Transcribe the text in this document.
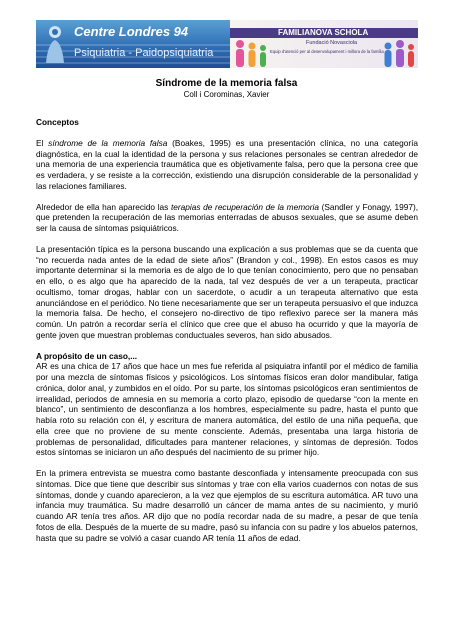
Centre Londres 94
Psiquiatria - Paidopsiquiatria
FAMILIANOVA SCHOLA
Fundació Novasciola
Equip d'atenció per al desenvolupament i millora de la família
Síndrome de la memoria falsa
Coll i Corominas, Xavier
Conceptos

El síndrome de la memoria falsa (Boakes, 1995) es una presentación clínica, no una categoría diagnóstica, en la cual la identidad de la persona y sus relaciones personales se centran alrededor de una memoria de una experiencia traumática que es objetivamente falsa, pero que la persona cree que es verdadera, y se resiste a la corrección, existiendo una disrupción considerable de la personalidad y las relaciones familiares.

Alrededor de ella han aparecido las terapias de recuperación de la memoria (Sandler y Fonagy, 1997), que pretenden la recuperación de las memorias enterradas de abusos sexuales, que se asume deben ser la causa de síntomas psiquiátricos.

La presentación típica es la persona buscando una explicación a sus problemas que se da cuenta que “no recuerda nada antes de la edad de siete años” (Brandon y col., 1998). En estos casos es muy importante determinar si la memoria es de algo de lo que tenían conocimiento, pero que no pensaban en ello, o es algo que ha aparecido de la nada, tal vez después de ver a un terapeuta, practicar ocultismo, tomar drogas, hablar con un sacerdote, o acudir a un terapeuta alternativo que esta anunciándose en el periódico. No tiene necesariamente que ser un terapeuta persuasivo el que induzca la memoria falsa. De hecho, el consejero no-directivo de tipo reflexivo parece ser la manera más común. Un patrón a recordar sería el clínico que cree que el abuso ha ocurrido y que la mayoría de gente joven que muestran problemas conductuales severos, han sido abusados.

A propósito de un caso,...

AR es una chica de 17 años que hace un mes fue referida al psiquiatra infantil por el médico de familia por una mezcla de síntomas físicos y psicológicos. Los síntomas físicos eran dolor mandibular, fatiga crónica, dolor anal, y zumbidos en el oído. Por su parte, los síntomas psicológicos eran sentimientos de irrealidad, periodos de amnesia en su memoria a corto plazo, episodio de quedarse “con la mente en blanco”, un sentimiento de desconfianza a los hombres, especialmente su padre, hasta el punto que había roto su relación con él, y escritura de manera automática, del estilo de una niña pequeña, que ella cree que no proviene de su mente consciente. Además, presentaba una larga historia de problemas de personalidad, dificultades para mantener relaciones, y síntomas de depresión. Todos estos síntomas se iniciaron un año después del nacimiento de su primer hijo.

En la primera entrevista se muestra como bastante desconfiada y intensamente preocupada con sus síntomas. Dice que tiene que describir sus síntomas y trae con ella varios cuadernos con notas de sus síntomas, donde y cuando aparecieron, a la vez que ejemplos de su escritura automática. AR tuvo una infancia muy traumática. Su madre desarrolló un cáncer de mama antes de su nacimiento, y murió cuando AR tenía tres años. AR dijo que no podía recordar nada de su madre, a pesar de que tenía fotos de ella. Después de la muerte de su madre, pasó su infancia con su padre y los abuelos paternos, hasta que su padre se volvió a casar cuando AR tenía 11 años de edad.
